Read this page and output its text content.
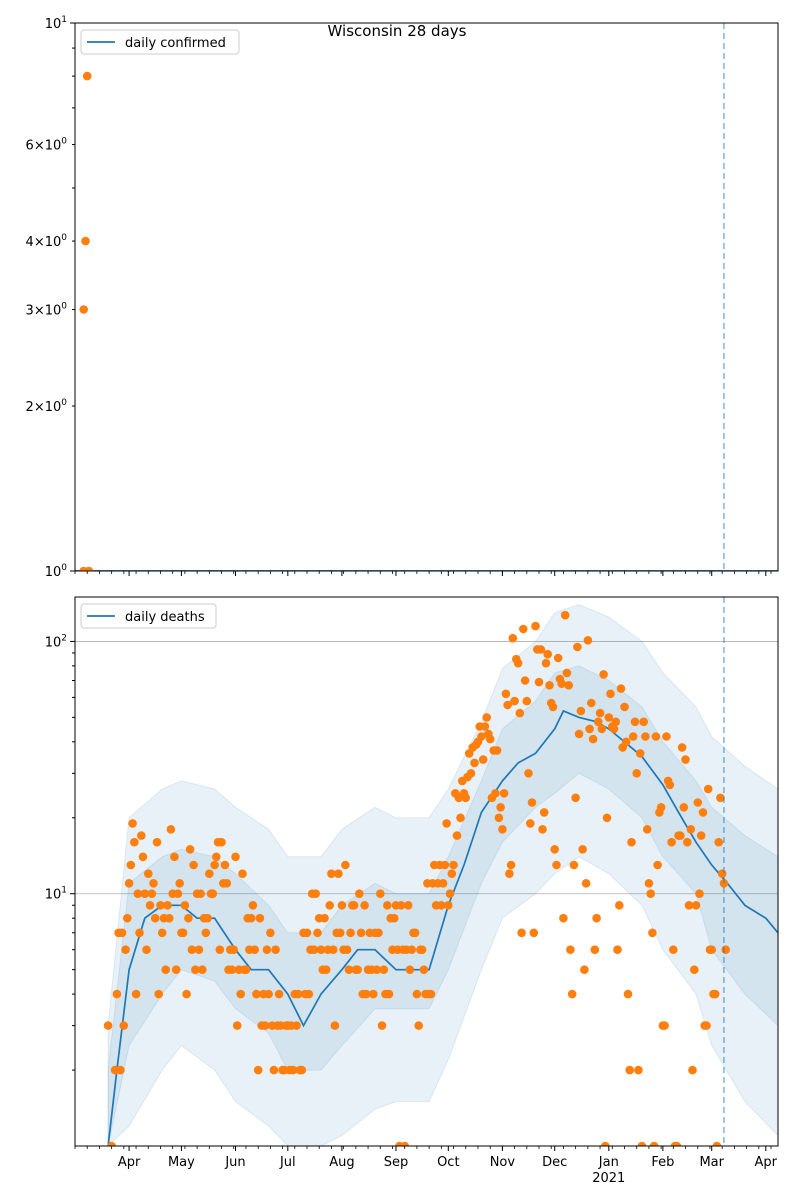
Wisconsin 28 days
$10^0$
$2\times 10^0$
$3\times 10^0$
$4\times 10^0$
$6\times 10^0$
$10^1$
daily confirmed
$10^1$
$10^2$
daily deaths
Apr May Jun	Jul	Aug Sep Oct Nov Dec Jan	Feb Mar Apr
2021
